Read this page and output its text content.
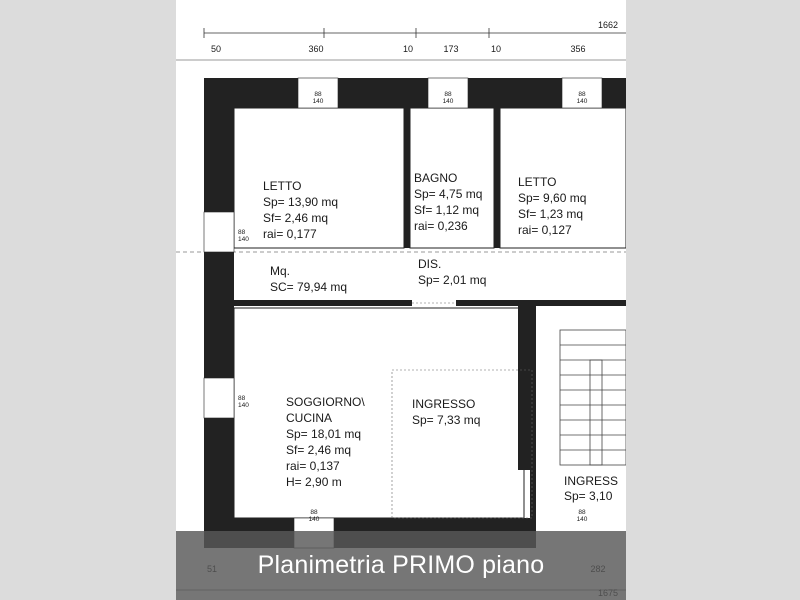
1662
50	360	10	173	10	356
88 140
88 140
88 140
88 140
88 140
88 140
88 140
LETTO
Sp= 13,90 mq
Sf= 2,46 mq
rai= 0,177
BAGNO
Sp= 4,75 mq
Sf= 1,12 mq
rai= 0,236
LETTO
Sp= 9,60 mq
Sf= 1,23 mq
rai= 0,127
Mq.
SC= 79,94 mq
DIS.
Sp= 2,01 mq
SOGGIORNO\
CUCINA
Sp= 18,01 mq
Sf= 2,46 mq
rai= 0,137
H= 2,90 m
INGRESSO
Sp= 7,33 mq
INGRESS
Sp= 3,10
Planimetria PRIMO piano
